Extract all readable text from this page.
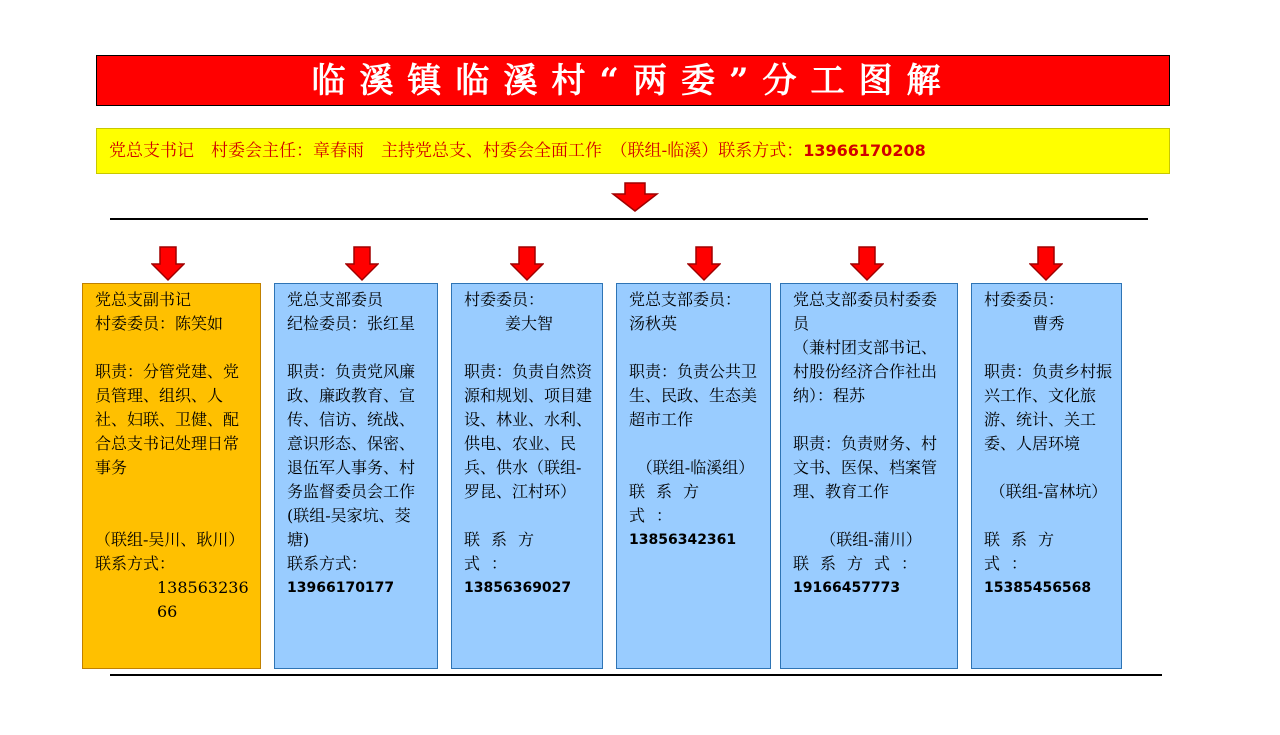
临溪镇临溪村“两委”分工图解
党总支书记　村委会主任：章春雨　主持党总支、村委会全面工作　（联组-临溪）联系方式：13966170208

党总支副书记

村委委员：陈笑如

职责：分管党建、党员管理、组织、人社、妇联、卫健、配合总支书记处理日常事务

（联组-吴川、耿川）

联系方式：

138563236

66

党总支部委员

纪检委员：张红星

职责：负责党风廉政、廉政教育、宣传、信访、统战、意识形态、保密、退伍军人事务、村务监督委员会工作

(联组-吴家坑、茭塘)

联系方式：

13966170177

村委委员：

姜大智

职责：负责自然资源和规划、项目建设、林业、水利、供电、农业、民兵、供水（联组-罗昆、江村环）

联系方式：

13856369027

党总支部委员：

汤秋英

职责：负责公共卫生、民政、生态美超市工作

（联组-临溪组）

联系方式：

13856342361

党总支部委员村委委员

（兼村团支部书记、村股份经济合作社出纳）：程苏

职责：负责财务、村文书、医保、档案管理、教育工作

（联组-蒲川）

联系方式：

19166457773

村委委员：

曹秀

职责：负责乡村振兴工作、文化旅游、统计、关工委、人居环境

（联组-富林坑）

联系方式：

15385456568
